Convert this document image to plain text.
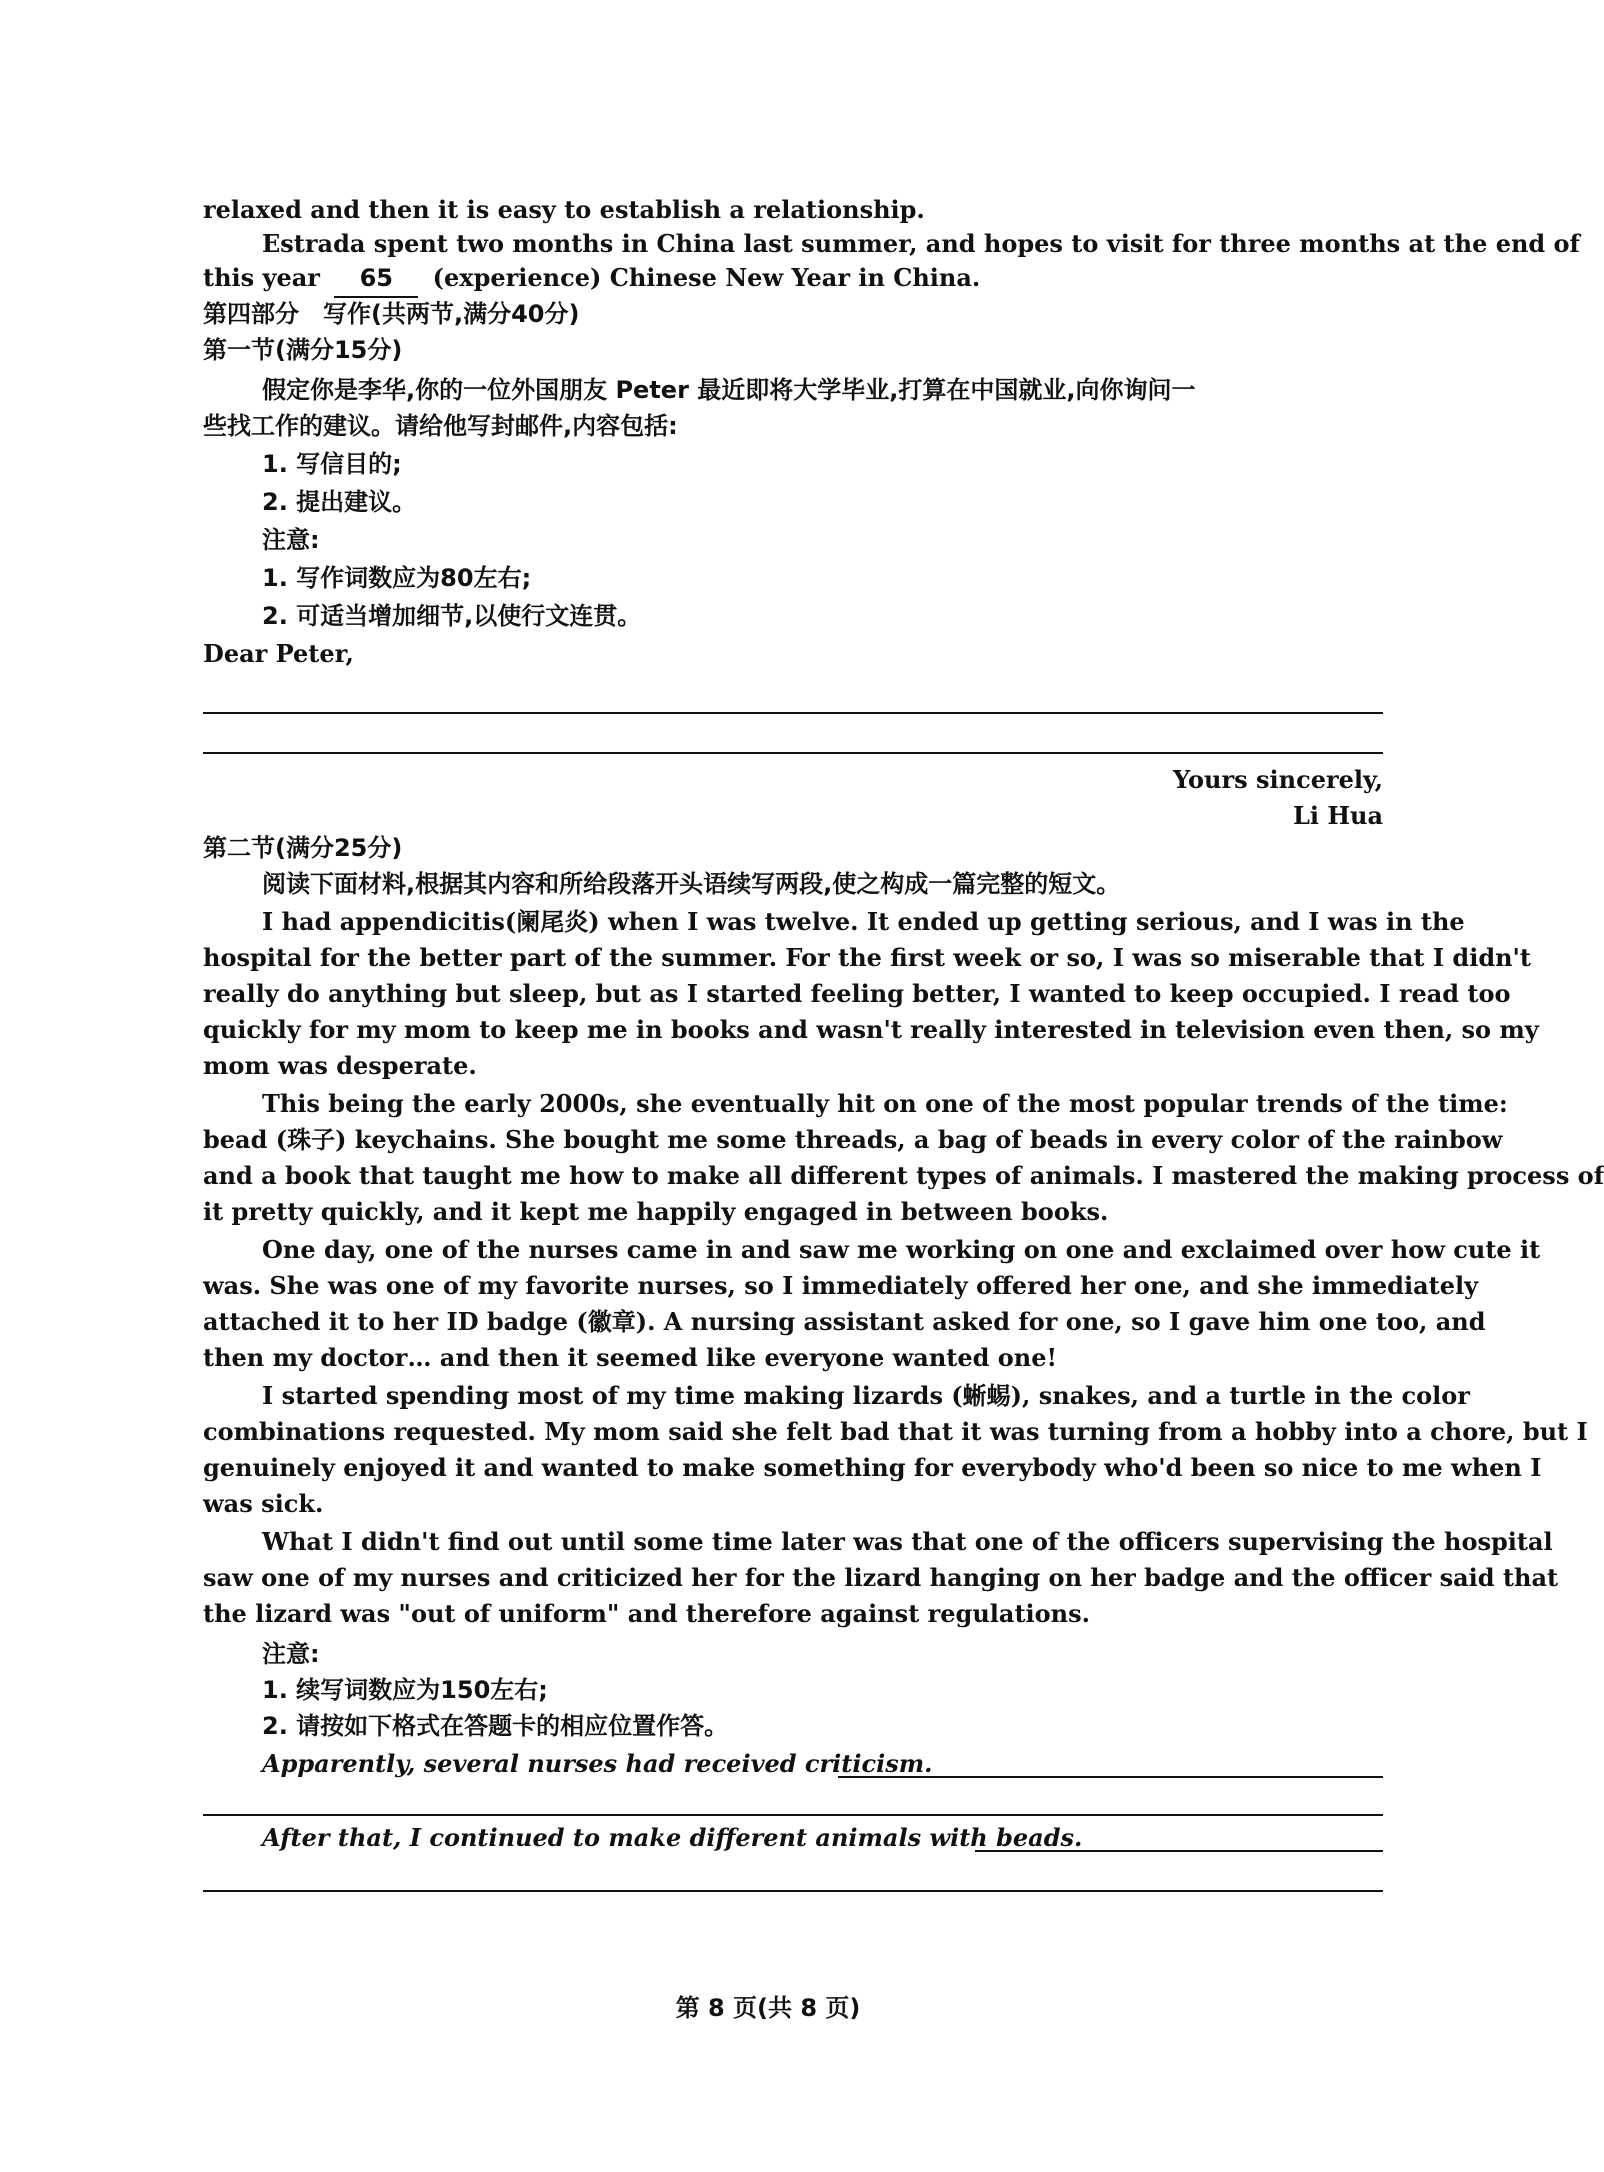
relaxed and then it is easy to establish a relationship.
Estrada spent two months in China last summer, and hopes to visit for three months at the end of
this year 65 (experience) Chinese New Year in China.
第四部分　写作(共两节,满分40分)
第一节(满分15分)
假定你是李华,你的一位外国朋友 Peter 最近即将大学毕业,打算在中国就业,向你询问一
些找工作的建议。请给他写封邮件,内容包括:
1. 写信目的;
2. 提出建议。
注意:
1. 写作词数应为80左右;
2. 可适当增加细节,以使行文连贯。
Dear Peter,
Yours sincerely,
Li Hua
第二节(满分25分)
阅读下面材料,根据其内容和所给段落开头语续写两段,使之构成一篇完整的短文。
I had appendicitis(阑尾炎) when I was twelve. It ended up getting serious, and I was in the
hospital for the better part of the summer. For the first week or so, I was so miserable that I didn't
really do anything but sleep, but as I started feeling better, I wanted to keep occupied. I read too
quickly for my mom to keep me in books and wasn't really interested in television even then, so my
mom was desperate.
This being the early 2000s, she eventually hit on one of the most popular trends of the time:
bead (珠子) keychains. She bought me some threads, a bag of beads in every color of the rainbow
and a book that taught me how to make all different types of animals. I mastered the making process of
it pretty quickly, and it kept me happily engaged in between books.
One day, one of the nurses came in and saw me working on one and exclaimed over how cute it
was. She was one of my favorite nurses, so I immediately offered her one, and she immediately
attached it to her ID badge (徽章). A nursing assistant asked for one, so I gave him one too, and
then my doctor… and then it seemed like everyone wanted one!
I started spending most of my time making lizards (蜥蜴), snakes, and a turtle in the color
combinations requested. My mom said she felt bad that it was turning from a hobby into a chore, but I
genuinely enjoyed it and wanted to make something for everybody who'd been so nice to me when I
was sick.
What I didn't find out until some time later was that one of the officers supervising the hospital
saw one of my nurses and criticized her for the lizard hanging on her badge and the officer said that
the lizard was "out of uniform" and therefore against regulations.
注意:
1. 续写词数应为150左右;
2. 请按如下格式在答题卡的相应位置作答。
Apparently, several nurses had received criticism.
After that, I continued to make different animals with beads.
第 8 页(共 8 页)
